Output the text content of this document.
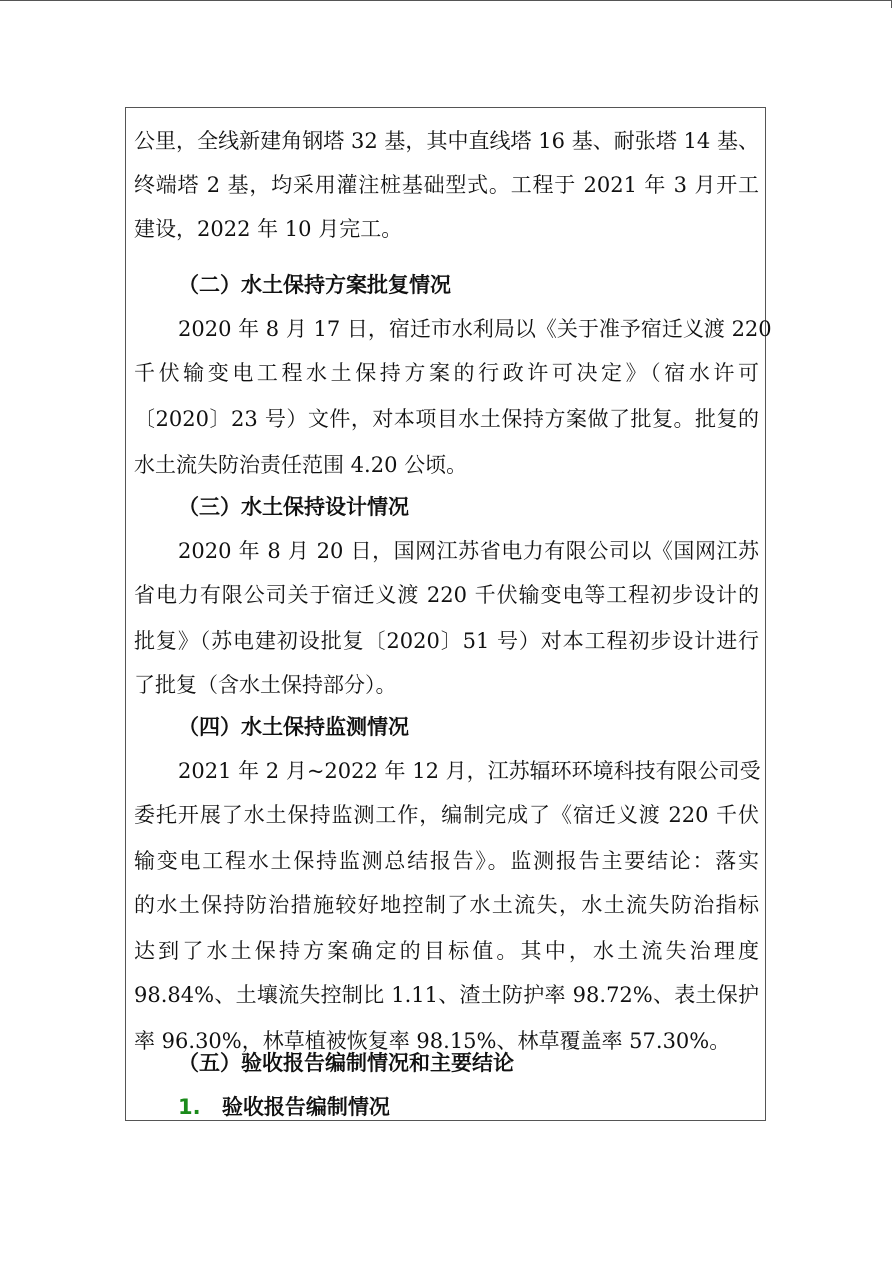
公里，全线新建角钢塔 32 基，其中直线塔 16 基、耐张塔 14 基、
终端塔 2 基，均采用灌注桩基础型式。工程于 2021 年 3 月开工
建设，2022 年 10 月完工。
（二）水土保持方案批复情况
2020 年 8 月 17 日，宿迁市水利局以《关于准予宿迁义渡 220
千伏输变电工程水土保持方案的行政许可决定》（宿水许可
〔2020〕23 号）文件，对本项目水土保持方案做了批复。批复的
水土流失防治责任范围 4.20 公顷。
（三）水土保持设计情况
2020 年 8 月 20 日，国网江苏省电力有限公司以《国网江苏
省电力有限公司关于宿迁义渡 220 千伏输变电等工程初步设计的
批复》（苏电建初设批复〔2020〕51 号）对本工程初步设计进行
了批复（含水土保持部分）。
（四）水土保持监测情况
2021 年 2 月~2022 年 12 月，江苏辐环环境科技有限公司受
委托开展了水土保持监测工作，编制完成了《宿迁义渡 220 千伏
输变电工程水土保持监测总结报告》。监测报告主要结论：落实
的水土保持防治措施较好地控制了水土流失，水土流失防治指标
达到了水土保持方案确定的目标值。其中，水土流失治理度
98.84%、土壤流失控制比 1.11、渣土防护率 98.72%、表土保护
率 96.30%，林草植被恢复率 98.15%、林草覆盖率 57.30%。
（五）验收报告编制情况和主要结论
1. 验收报告编制情况
